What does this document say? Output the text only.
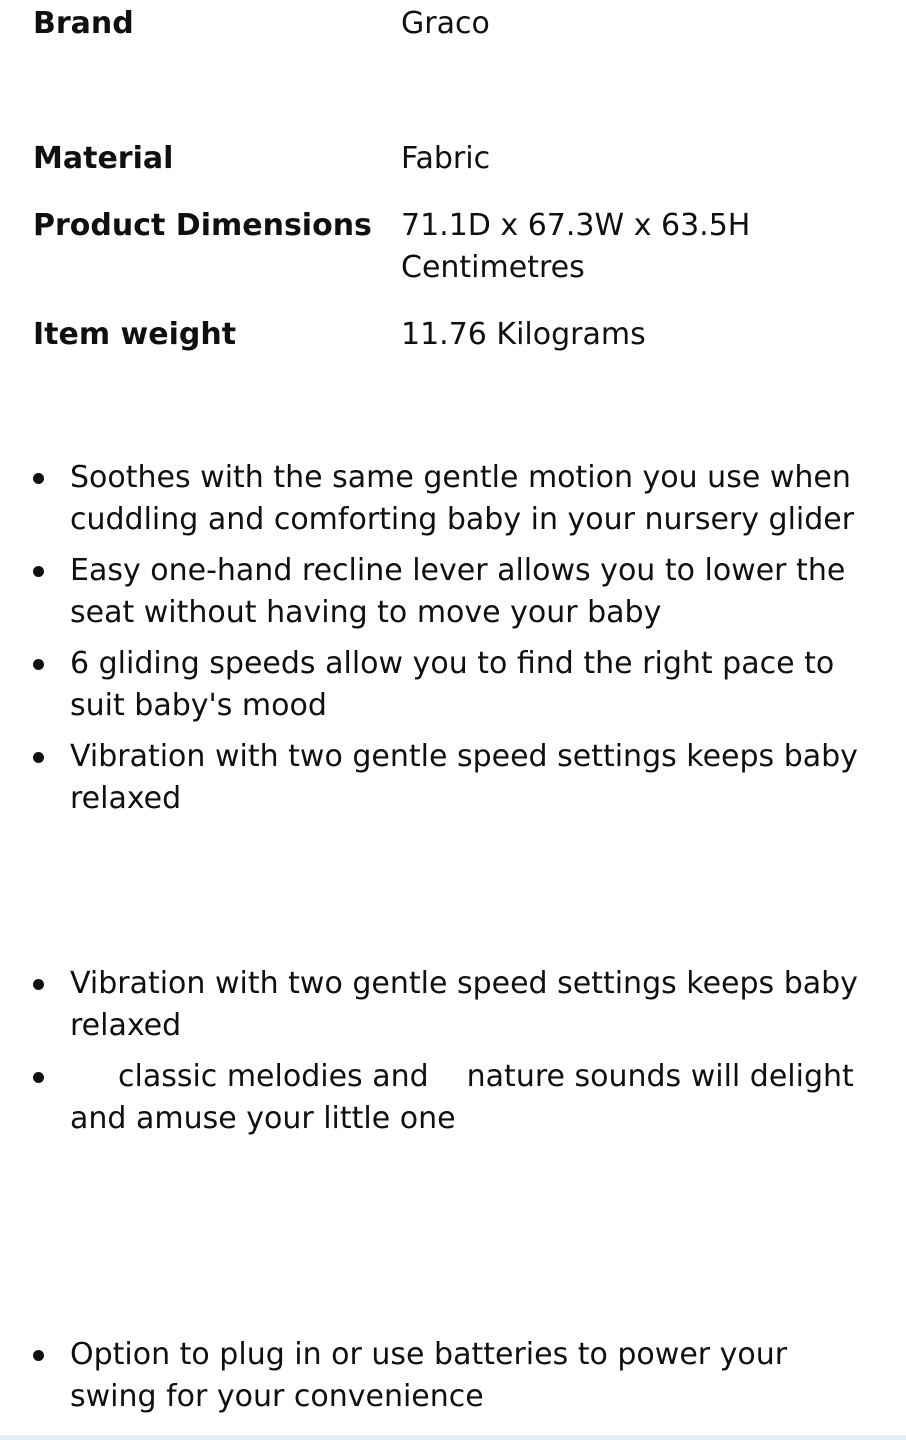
Brand	Graco
Material	Fabric
Product Dimensions 71.1D x 67.3W x 63.5H Centimetres
Item weight	11.76 Kilograms
Soothes with the same gentle motion you use when cuddling and comforting baby in your nursery glider
Easy one-hand recline lever allows you to lower the seat without having to move your baby
6 gliding speeds allow you to find the right pace to suit baby's mood
Vibration with two gentle speed settings keeps baby relaxed
Vibration with two gentle speed settings keeps baby relaxed
classic melodies and nature sounds will delight and amuse your little one
Option to plug in or use batteries to power your swing for your convenience
